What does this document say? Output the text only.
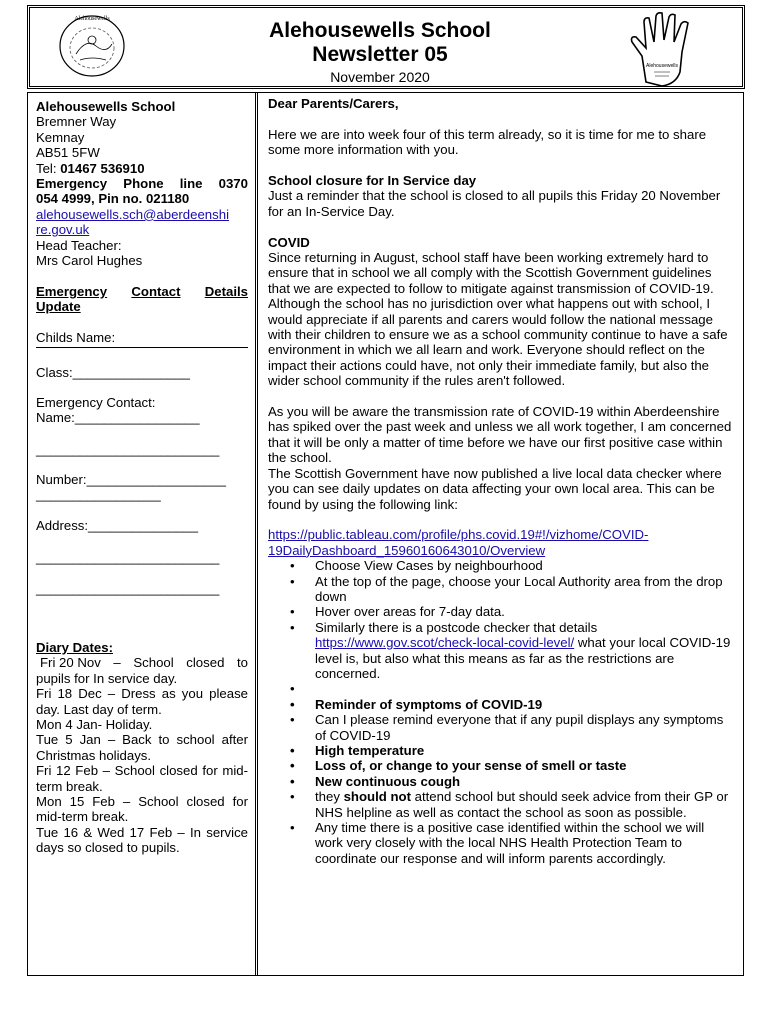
Alehousewells
Alehousewells
Alehousewells School
Newsletter 05
November 2020

Alehousewells School

Bremner Way

Kemnay

AB51 5FW

Tel: 01467 536910

Emergency Phone line 0370

054 4999, Pin no. 021180

alehousewells.sch@aberdeenshi

re.gov.uk

Head Teacher:

Mrs Carol Hughes

Emergency Contact Details

Update

Childs Name:
Class:________________
Emergency Contact:
Name:_________________
_________________________
Number:___________________
_________________
Address:_______________
_________________________
_________________________

Diary Dates:

Fri 20 Nov – School closed to

pupils for In service day.

Fri 18 Dec – Dress as you please day. Last day of term.

Mon 4 Jan- Holiday.

Tue 5 Jan – Back to school after Christmas holidays.

Fri 12 Feb – School closed for mid-term break.

Mon 15 Feb – School closed for mid-term break.

Tue 16 & Wed 17 Feb – In service days so closed to pupils.

Dear Parents/Carers,

Here we are into week four of this term already, so it is time for me to share some more information with you.

School closure for In Service day

Just a reminder that the school is closed to all pupils this Friday 20 November for an In-Service Day.

COVID

Since returning in August, school staff have been working extremely hard to ensure that in school we all comply with the Scottish Government guidelines that we are expected to follow to mitigate against transmission of COVID-19. Although the school has no jurisdiction over what happens out with school, I would appreciate if all parents and carers would follow the national message with their children to ensure we as a school community continue to have a safe environment in which we all learn and work. Everyone should reflect on the impact their actions could have, not only their immediate family, but also the wider school community if the rules aren't followed.

As you will be aware the transmission rate of COVID-19 within Aberdeenshire has spiked over the past week and unless we all work together, I am concerned that it will be only a matter of time before we have our first positive case within the school.

The Scottish Government have now published a live local data checker where you can see daily updates on data affecting your own local area. This can be found by using the following link:

https://public.tableau.com/profile/phs.covid.19#!/vizhome/COVID-

19DailyDashboard_15960160643010/Overview

• Choose View Cases by neighbourhood
• At the top of the page, choose your Local Authority area from the drop down
• Hover over areas for 7-day data.
• Similarly there is a postcode checker that details
https://www.gov.scot/check-local-covid-level/ what your local COVID-19 level is, but also what this means as far as the restrictions are concerned.
•
• Reminder of symptoms of COVID-19
• Can I please remind everyone that if any pupil displays any symptoms of COVID-19
• High temperature
• Loss of, or change to your sense of smell or taste
• New continuous cough
• they should not attend school but should seek advice from their GP or NHS helpline as well as contact the school as soon as possible.
• Any time there is a positive case identified within the school we will work very closely with the local NHS Health Protection Team to coordinate our response and will inform parents accordingly.
